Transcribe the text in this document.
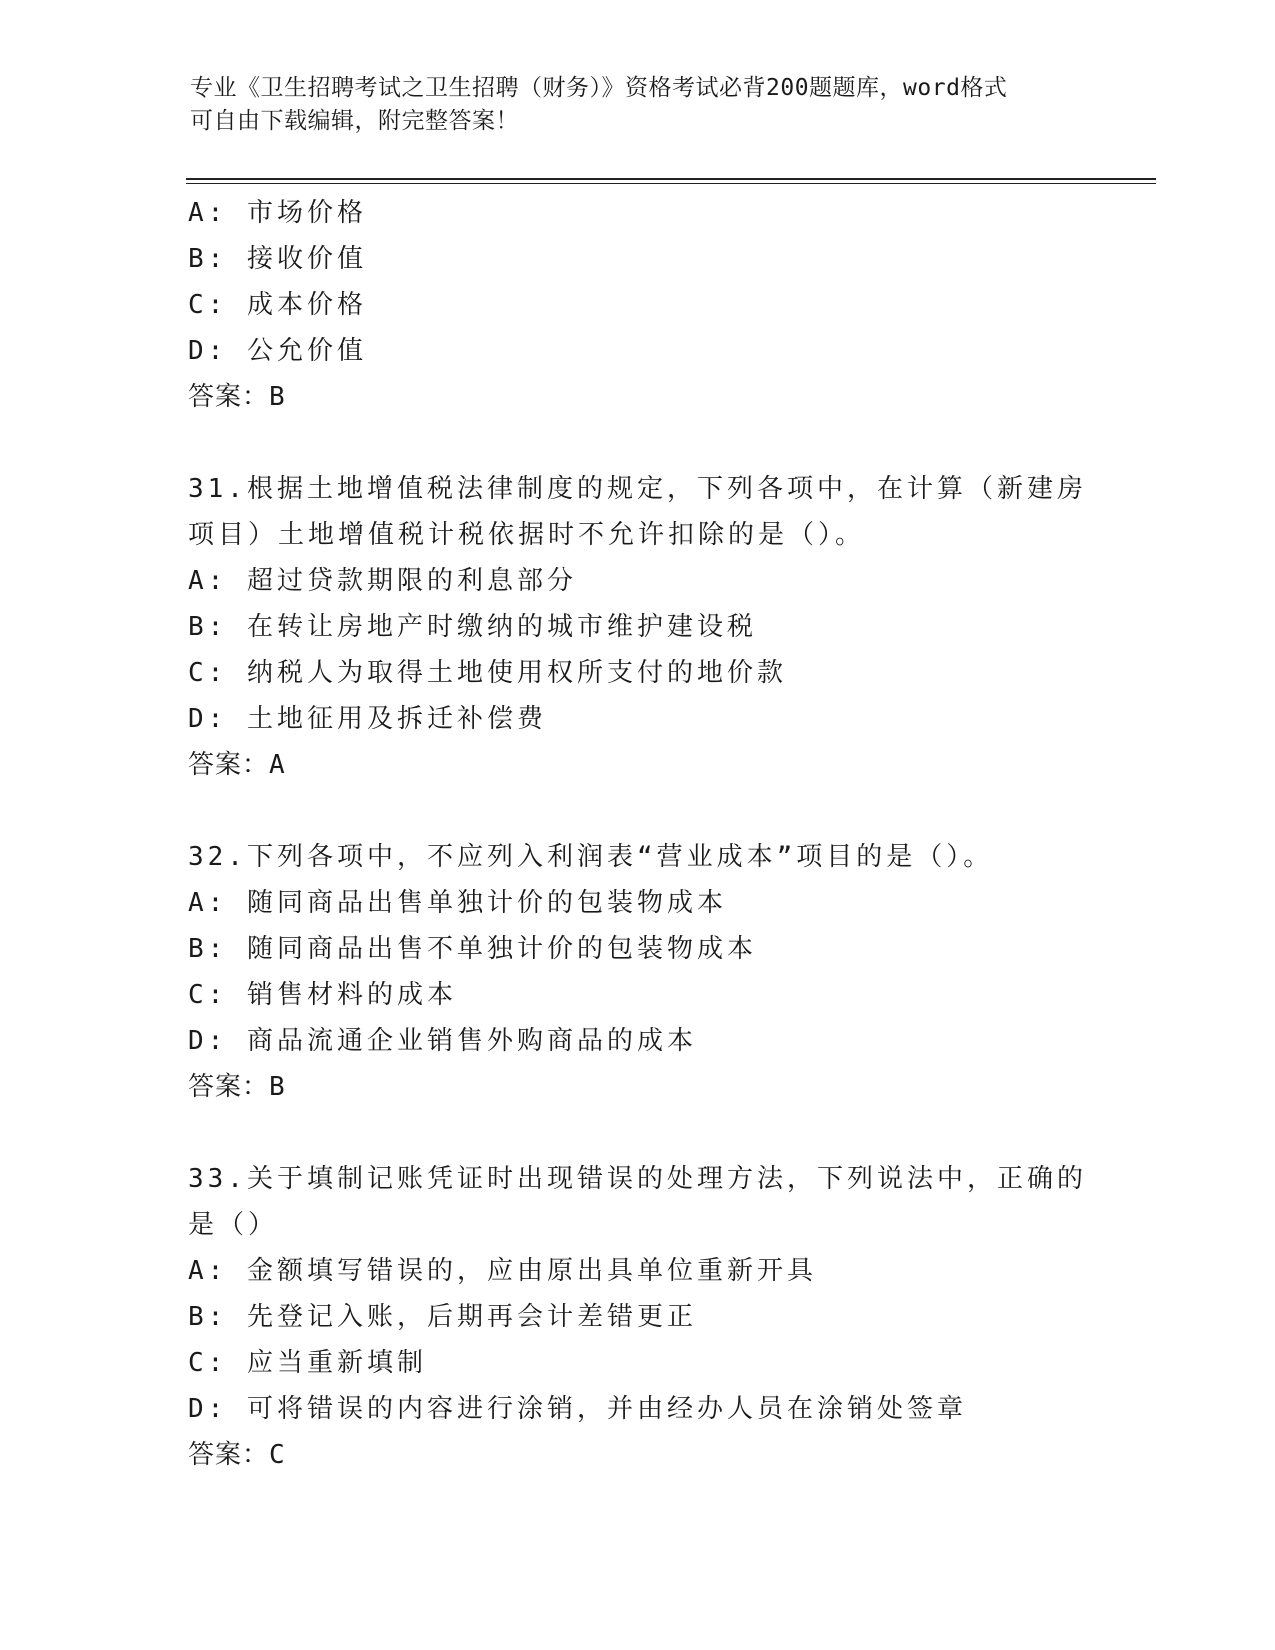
专业《卫生招聘考试之卫生招聘（财务）》资格考试必背200题题库，word格式
可自由下载编辑，附完整答案！
A: 市场价格
B: 接收价值
C: 成本价格
D: 公允价值
答案：B
31.根据土地增值税法律制度的规定，下列各项中，在计算（新建房项目）土地增值税计税依据时不允许扣除的是（）。
A: 超过贷款期限的利息部分
B: 在转让房地产时缴纳的城市维护建设税
C: 纳税人为取得土地使用权所支付的地价款
D: 土地征用及拆迁补偿费
答案：A
32.下列各项中，不应列入利润表“营业成本”项目的是（）。
A: 随同商品出售单独计价的包装物成本
B: 随同商品出售不单独计价的包装物成本
C: 销售材料的成本
D: 商品流通企业销售外购商品的成本
答案：B
33.关于填制记账凭证时出现错误的处理方法，下列说法中，正确的是（）
A: 金额填写错误的，应由原出具单位重新开具
B: 先登记入账，后期再会计差错更正
C: 应当重新填制
D: 可将错误的内容进行涂销，并由经办人员在涂销处签章
答案：C
